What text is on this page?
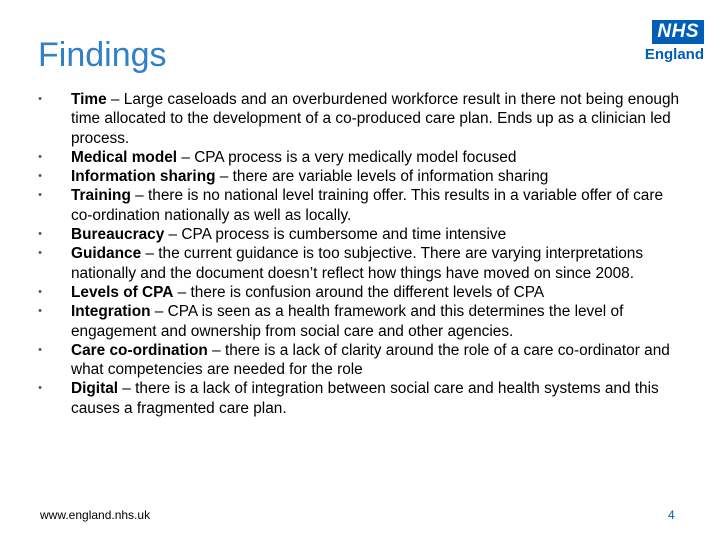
Findings
NHS
England
• Time – Large caseloads and an overburdened workforce result in there not being enough time allocated to the development of a co-produced care plan. Ends up as a clinician led process.
• Medical model – CPA process is a very medically model focused
• Information sharing – there are variable levels of information sharing
• Training – there is no national level training offer. This results in a variable offer of care co-ordination nationally as well as locally.
• Bureaucracy – CPA process is cumbersome and time intensive
• Guidance – the current guidance is too subjective. There are varying interpretations nationally and the document doesn’t reflect how things have moved on since 2008.
• Levels of CPA – there is confusion around the different levels of CPA
• Integration – CPA is seen as a health framework and this determines the level of engagement and ownership from social care and other agencies.
• Care co-ordination – there is a lack of clarity around the role of a care co-ordinator and what competencies are needed for the role
• Digital – there is a lack of integration between social care and health systems and this causes a fragmented care plan.
www.england.nhs.uk	4
